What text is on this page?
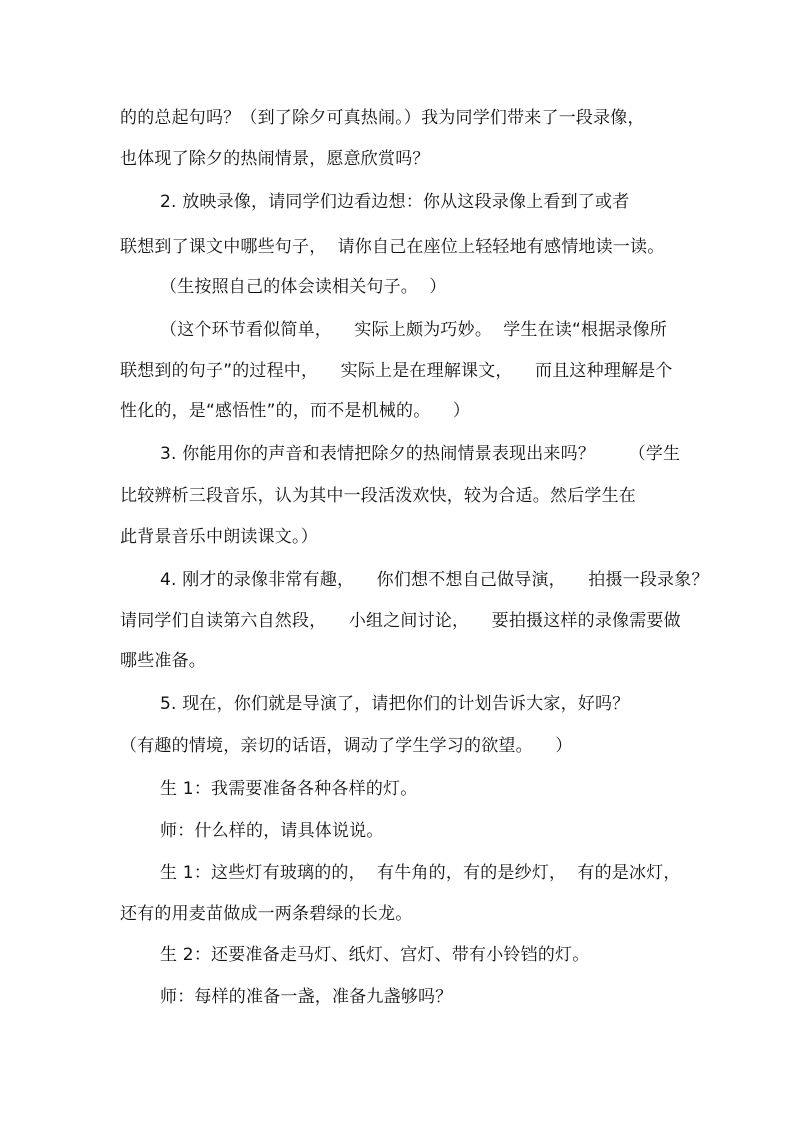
的的总起句吗？（到了除夕可真热闹。）我为同学们带来了一段录像，
也体现了除夕的热闹情景，愿意欣赏吗？
2. 放映录像，请同学们边看边想：你从这段录像上看到了或者
联想到了课文中哪些句子，  请你自己在座位上轻轻地有感情地读一读。
（生按照自己的体会读相关句子。  ）
（这个环节看似简单，    实际上颇为巧妙。  学生在读“根据录像所
联想到的句子”的过程中，    实际上是在理解课文，    而且这种理解是个
性化的，是“感悟性”的，而不是机械的。    ）
3. 你能用你的声音和表情把除夕的热闹情景表现出来吗？      （学生
比较辨析三段音乐，认为其中一段活泼欢快，较为合适。然后学生在
此背景音乐中朗读课文。）
4. 刚才的录像非常有趣，    你们想不想自己做导演，    拍摄一段录象？
请同学们自读第六自然段，    小组之间讨论，    要拍摄这样的录像需要做
哪些准备。
5. 现在，你们就是导演了，请把你们的计划告诉大家，好吗？
（有趣的情境，亲切的话语，调动了学生学习的欲望。    ）
生 1：我需要准备各种各样的灯。
师：什么样的，请具体说说。
生 1：这些灯有玻璃的的，  有牛角的，有的是纱灯，  有的是冰灯，
还有的用麦苗做成一两条碧绿的长龙。
生 2：还要准备走马灯、纸灯、宫灯、带有小铃铛的灯。
师：每样的准备一盏，准备九盏够吗？
